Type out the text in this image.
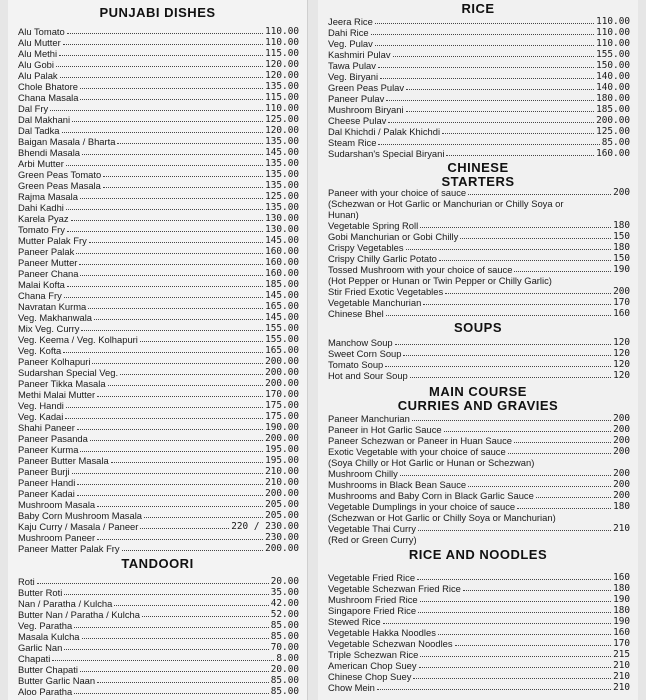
PUNJABI DISHES
Alu Tomato	110.00
Alu Mutter	110.00
Alu Methi	115.00
Alu Gobi	120.00
Alu Palak	120.00
Chole Bhatore	135.00
Chana Masala	115.00
Dal Fry	110.00
Dal Makhani	125.00
Dal Tadka	120.00
Baigan Masala / Bharta	135.00
Bhendi Masala	145.00
Arbi Mutter	135.00
Green Peas Tomato	135.00
Green Peas Masala	135.00
Rajma Masala	125.00
Dahi Kadhi	135.00
Karela Pyaz	130.00
Tomato Fry	130.00
Mutter Palak Fry	145.00
Paneer Palak	160.00
Paneer Mutter	160.00
Paneer Chana	160.00
Malai Kofta	185.00
Chana Fry	145.00
Navratan Kurma	165.00
Veg. Makhanwala	145.00
Mix Veg. Curry	155.00
Veg. Keema / Veg. Kolhapuri	155.00
Veg. Kofta	165.00
Paneer Kolhapuri	200.00
Sudarshan Special Veg.	200.00
Paneer Tikka Masala	200.00
Methi Malai Mutter	170.00
Veg. Handi	175.00
Veg. Kadai	175.00
Shahi Paneer	190.00
Paneer Pasanda	200.00
Paneer Kurma	195.00
Paneer Butter Masala	195.00
Paneer Burji	210.00
Paneer Handi	210.00
Paneer Kadai	200.00
Mushroom Masala	205.00
Baby Corn Mushroom Masala	205.00
Kaju Curry / Masala / Paneer	220 / 230.00
Mushroom Paneer	230.00
Paneer Matter Palak Fry	200.00
TANDOORI
Roti	20.00
Butter Roti	35.00
Nan / Paratha / Kulcha	42.00
Butter Nan / Paratha / Kulcha	52.00
Veg. Paratha	85.00
Masala Kulcha	85.00
Garlic Nan	70.00
Chapati	8.00
Butter Chapati	20.00
Butter Garlic Naan	85.00
Aloo Paratha	85.00
RICE
Jeera Rice	110.00
Dahi Rice	110.00
Veg. Pulav	110.00
Kashmiri Pulav	155.00
Tawa Pulav	150.00
Veg. Biryani	140.00
Green Peas Pulav	140.00
Paneer Pulav	180.00
Mushroom Biryani	185.00
Cheese Pulav	200.00
Dal Khichdi / Palak Khichdi	125.00
Steam Rice	85.00
Sudarshan's Special Biryani	160.00
CHINESE
STARTERS
Paneer with your choice of sauce	200
(Schezwan or Hot Garlic or Manchurian or Chilly Soya or
Hunan)
Vegetable Spring Roll	180
Gobi Manchurian or Gobi Chilly	150
Crispy Vegetables	180
Crispy Chilly Garlic Potato	150
Tossed Mushroom with your choice of sauce	190
(Hot Pepper or Hunan or Twin Pepper or Chilly Garlic)
Stir Fried Exotic Vegetables	200
Vegetable Manchurian	170
Chinese Bhel	160
SOUPS
Manchow Soup	120
Sweet Corn Soup	120
Tomato Soup	120
Hot and Sour Soup	120
MAIN COURSE
CURRIES AND GRAVIES
Paneer Manchurian	200
Paneer in Hot Garlic Sauce	200
Paneer Schezwan or Paneer in Huan Sauce	200
Exotic Vegetable with your choice of sauce	200
(Soya Chilly or Hot Garlic or Hunan or Schezwan)
Mushroom Chilly	200
Mushrooms in Black Bean Sauce	200
Mushrooms and Baby Corn in Black Garlic Sauce	200
Vegetable Dumplings in your choice of sauce	180
(Schezwan or Hot Garlic or Chilly Soya or Manchurian)
Vegetable Thai Curry	210
(Red or Green Curry)
RICE AND NOODLES
Vegetable Fried Rice	160
Vegetable Schezwan Fried Rice	180
Mushroom Fried Rice	190
Singapore Fried Rice	180
Stewed Rice	190
Vegetable Hakka Noodles	160
Vegetable Schezwan Noodles	170
Triple Schezwan Rice	215
American Chop Suey	210
Chinese Chop Suey	210
Chow Mein	210
